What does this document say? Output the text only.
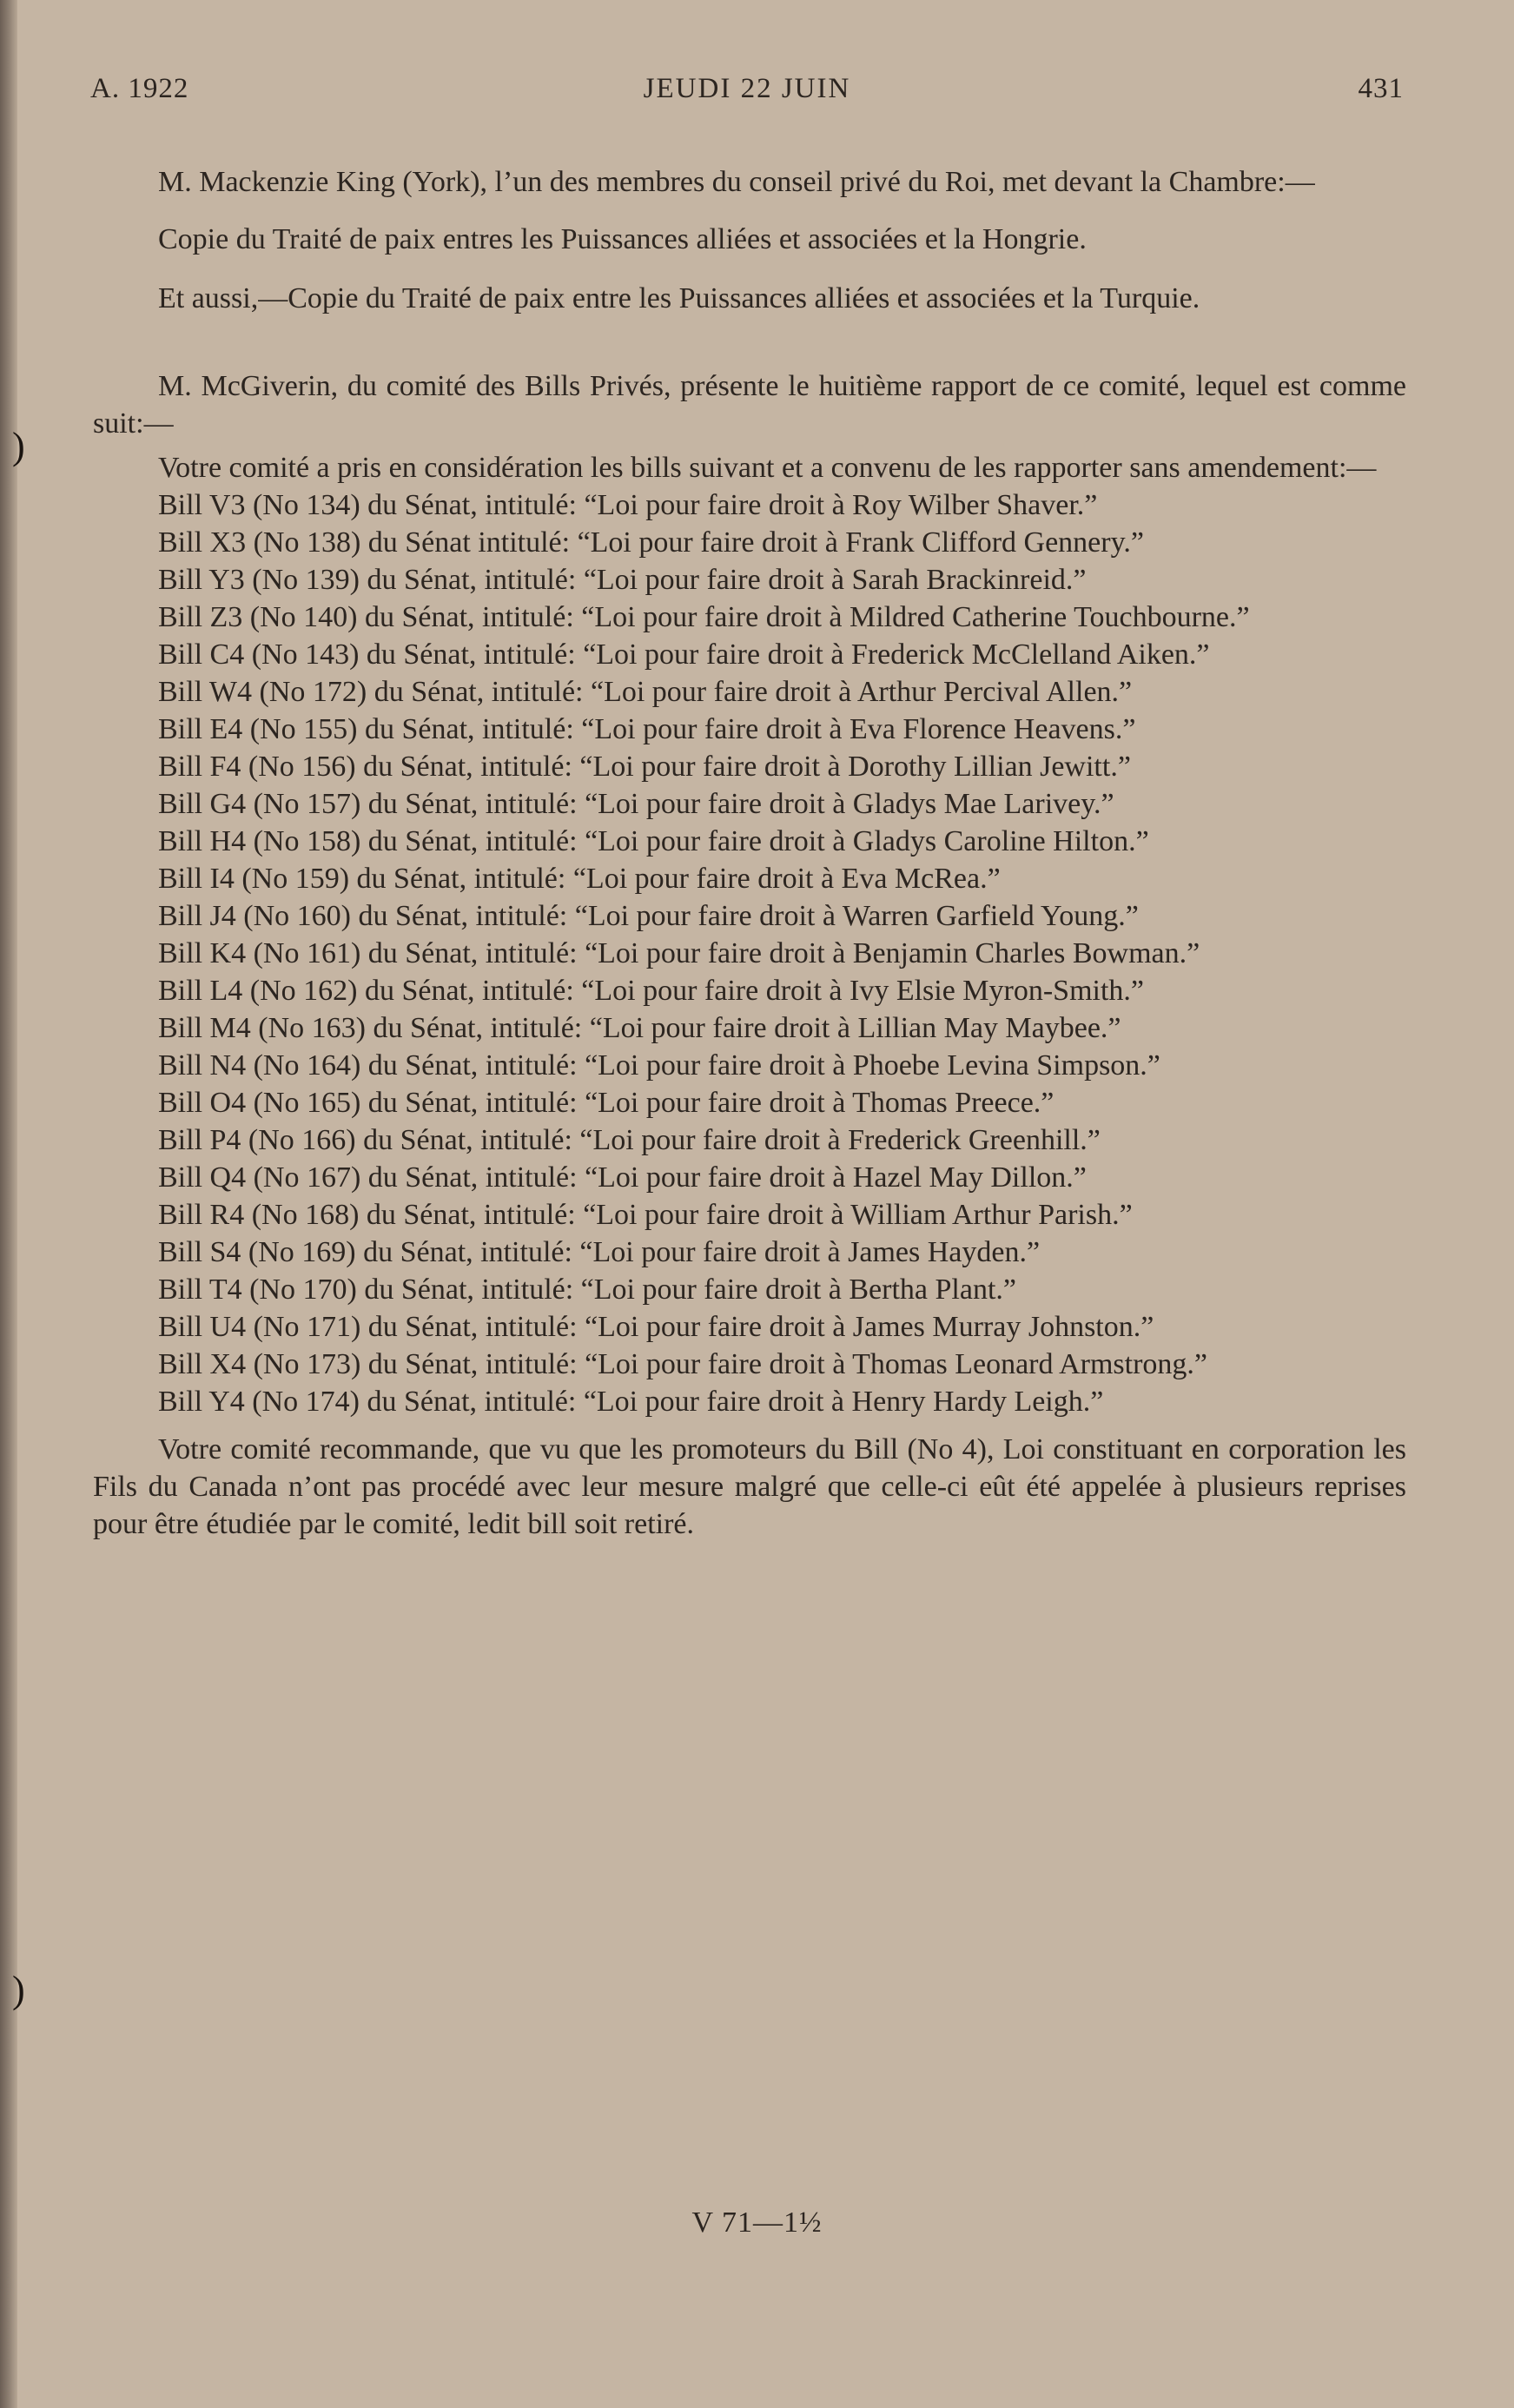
)
)
JEUDI 22 JUIN
A. 1922	431

M. Mackenzie King (York), l’un des membres du conseil privé du Roi, met devant la Chambre:—

Copie du Traité de paix entres les Puissances alliées et associées et la Hongrie.

Et aussi,—Copie du Traité de paix entre les Puissances alliées et associées et la Turquie.

M. McGiverin, du comité des Bills Privés, présente le huitième rapport de ce comité, lequel est comme suit:—

Votre comité a pris en considération les bills suivant et a convenu de les rapporter sans amendement:—

Bill V3 (No 134) du Sénat, intitulé: “Loi pour faire droit à Roy Wilber Shaver.”

Bill X3 (No 138) du Sénat intitulé: “Loi pour faire droit à Frank Clifford Gennery.”

Bill Y3 (No 139) du Sénat, intitulé: “Loi pour faire droit à Sarah Brackinreid.”

Bill Z3 (No 140) du Sénat, intitulé: “Loi pour faire droit à Mildred Catherine Touchbourne.”

Bill C4 (No 143) du Sénat, intitulé: “Loi pour faire droit à Frederick McClelland Aiken.”

Bill W4 (No 172) du Sénat, intitulé: “Loi pour faire droit à Arthur Percival Allen.”

Bill E4 (No 155) du Sénat, intitulé: “Loi pour faire droit à Eva Florence Heavens.”

Bill F4 (No 156) du Sénat, intitulé: “Loi pour faire droit à Dorothy Lillian Jewitt.”

Bill G4 (No 157) du Sénat, intitulé: “Loi pour faire droit à Gladys Mae Larivey.”

Bill H4 (No 158) du Sénat, intitulé: “Loi pour faire droit à Gladys Caroline Hilton.”

Bill I4 (No 159) du Sénat, intitulé: “Loi pour faire droit à Eva McRea.”

Bill J4 (No 160) du Sénat, intitulé: “Loi pour faire droit à Warren Garfield Young.”

Bill K4 (No 161) du Sénat, intitulé: “Loi pour faire droit à Benjamin Charles Bowman.”

Bill L4 (No 162) du Sénat, intitulé: “Loi pour faire droit à Ivy Elsie Myron-Smith.”

Bill M4 (No 163) du Sénat, intitulé: “Loi pour faire droit à Lillian May Maybee.”

Bill N4 (No 164) du Sénat, intitulé: “Loi pour faire droit à Phoebe Levina Simpson.”

Bill O4 (No 165) du Sénat, intitulé: “Loi pour faire droit à Thomas Preece.”

Bill P4 (No 166) du Sénat, intitulé: “Loi pour faire droit à Frederick Greenhill.”

Bill Q4 (No 167) du Sénat, intitulé: “Loi pour faire droit à Hazel May Dillon.”

Bill R4 (No 168) du Sénat, intitulé: “Loi pour faire droit à William Arthur Parish.”

Bill S4 (No 169) du Sénat, intitulé: “Loi pour faire droit à James Hayden.”

Bill T4 (No 170) du Sénat, intitulé: “Loi pour faire droit à Bertha Plant.”

Bill U4 (No 171) du Sénat, intitulé: “Loi pour faire droit à James Murray Johnston.”

Bill X4 (No 173) du Sénat, intitulé: “Loi pour faire droit à Thomas Leonard Armstrong.”

Bill Y4 (No 174) du Sénat, intitulé: “Loi pour faire droit à Henry Hardy Leigh.”

Votre comité recommande, que vu que les promoteurs du Bill (No 4), Loi constituant en corporation les Fils du Canada n’ont pas procédé avec leur mesure malgré que celle-ci eût été appelée à plusieurs reprises pour être étudiée par le comité, ledit bill soit retiré.

V 71—1½
